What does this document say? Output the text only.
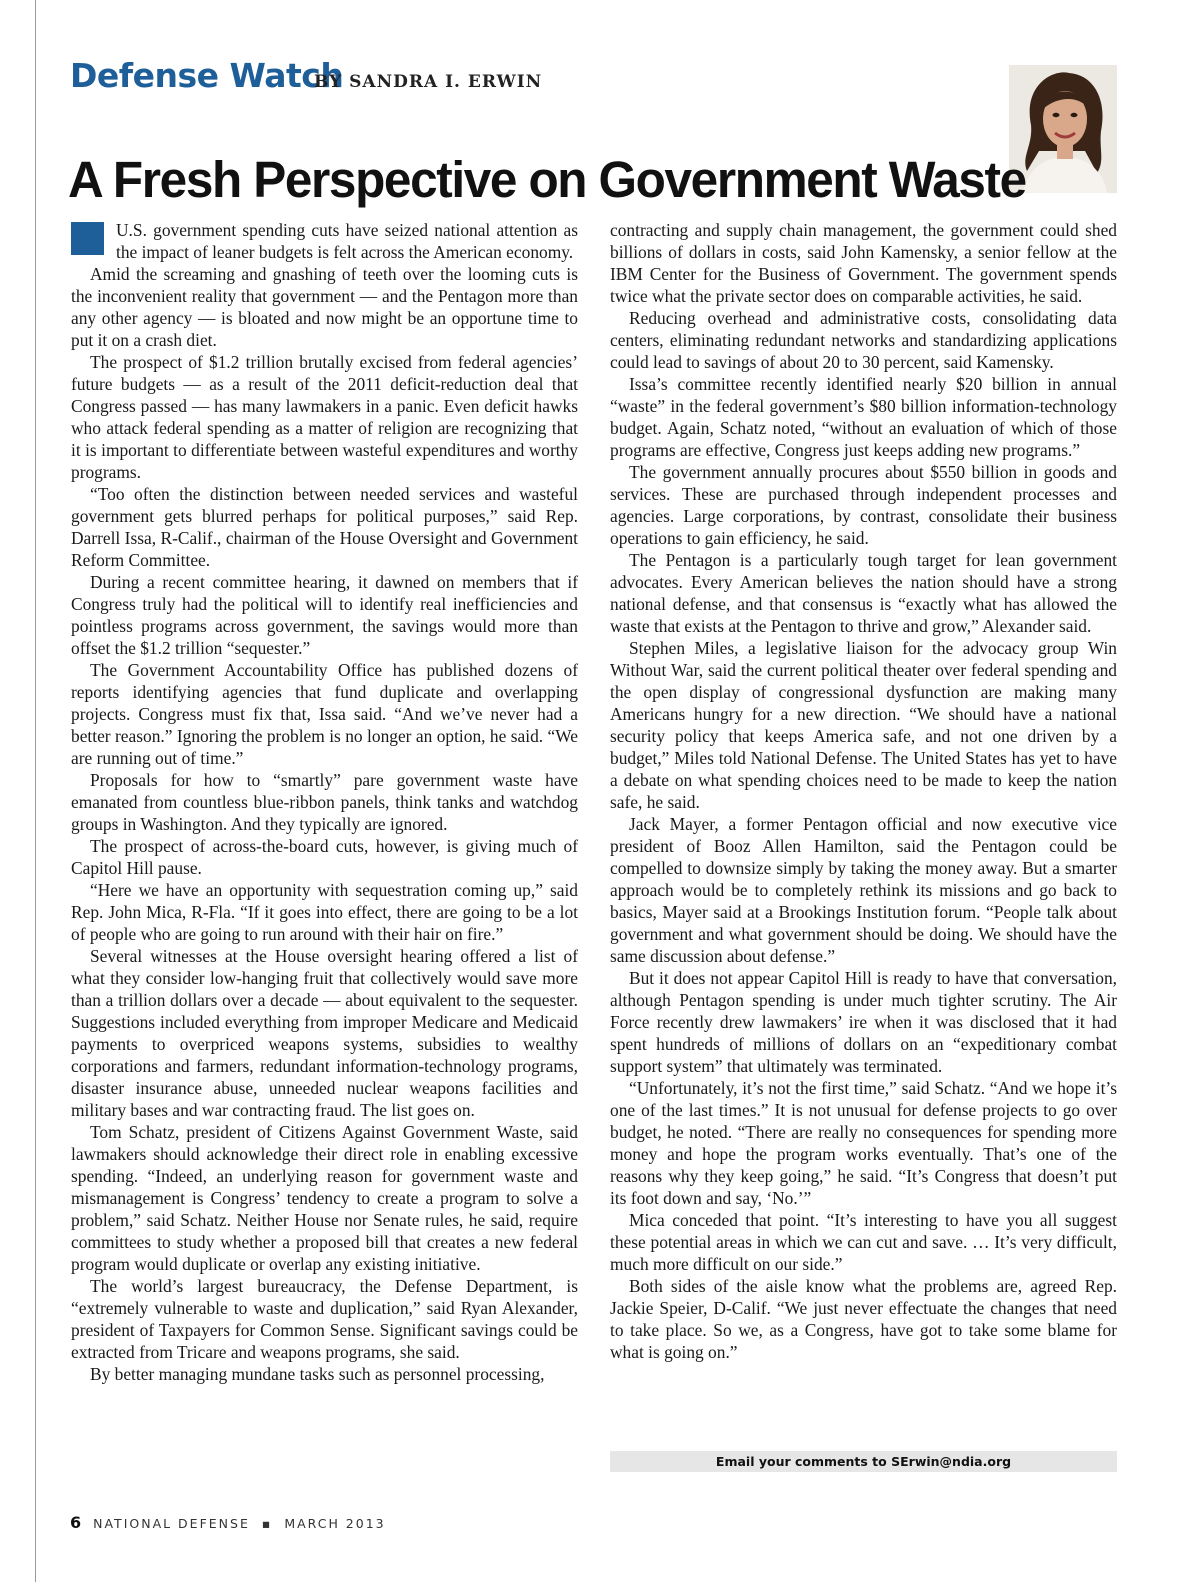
Defense Watch
BY SANDRA I. ERWIN
A Fresh Perspective on Government Waste

U.S. government spending cuts have seized national attention as the impact of leaner budgets is felt across the American economy.

Amid the screaming and gnashing of teeth over the looming cuts is the inconvenient reality that government — and the Pentagon more than any other agency — is bloated and now might be an opportune time to put it on a crash diet.

The prospect of $1.2 trillion brutally excised from federal agencies’ future budgets — as a result of the 2011 deficit-reduction deal that Congress passed — has many lawmakers in a panic. Even deficit hawks who attack federal spending as a matter of religion are recognizing that it is important to differentiate between wasteful expenditures and worthy programs.

“Too often the distinction between needed services and wasteful government gets blurred perhaps for political purposes,” said Rep. Darrell Issa, R-Calif., chairman of the House Oversight and Government Reform Committee.

During a recent committee hearing, it dawned on members that if Congress truly had the political will to identify real inefficiencies and pointless programs across government, the savings would more than offset the $1.2 trillion “sequester.”

The Government Accountability Office has published dozens of reports identifying agencies that fund duplicate and overlapping projects. Congress must fix that, Issa said. “And we’ve never had a better reason.” Ignoring the problem is no longer an option, he said. “We are running out of time.”

Proposals for how to “smartly” pare government waste have emanated from countless blue-ribbon panels, think tanks and watchdog groups in Washington. And they typically are ignored.

The prospect of across-the-board cuts, however, is giving much of Capitol Hill pause.

“Here we have an opportunity with sequestration coming up,” said Rep. John Mica, R-Fla. “If it goes into effect, there are going to be a lot of people who are going to run around with their hair on fire.”

Several witnesses at the House oversight hearing offered a list of what they consider low-hanging fruit that collectively would save more than a trillion dollars over a decade — about equivalent to the sequester. Suggestions included everything from improper Medicare and Medicaid payments to overpriced weapons systems, subsidies to wealthy corporations and farmers, redundant information-technology programs, disaster insurance abuse, unneeded nuclear weapons facilities and military bases and war contracting fraud. The list goes on.

Tom Schatz, president of Citizens Against Government Waste, said lawmakers should acknowledge their direct role in enabling excessive spending. “Indeed, an underlying reason for government waste and mismanagement is Congress’ tendency to create a program to solve a problem,” said Schatz. Neither House nor Senate rules, he said, require committees to study whether a proposed bill that creates a new federal program would duplicate or overlap any existing initiative.

The world’s largest bureaucracy, the Defense Department, is “extremely vulnerable to waste and duplication,” said Ryan Alexander, president of Taxpayers for Common Sense. Significant savings could be extracted from Tricare and weapons programs, she said.

By better managing mundane tasks such as personnel processing,

contracting and supply chain management, the government could shed billions of dollars in costs, said John Kamensky, a senior fellow at the IBM Center for the Business of Government. The government spends twice what the private sector does on comparable activities, he said.

Reducing overhead and administrative costs, consolidating data centers, eliminating redundant networks and standardizing applications could lead to savings of about 20 to 30 percent, said Kamensky.

Issa’s committee recently identified nearly $20 billion in annual “waste” in the federal government’s $80 billion information-technology budget. Again, Schatz noted, “without an evaluation of which of those programs are effective, Congress just keeps adding new programs.”

The government annually procures about $550 billion in goods and services. These are purchased through independent processes and agencies. Large corporations, by contrast, consolidate their business operations to gain efficiency, he said.

The Pentagon is a particularly tough target for lean government advocates. Every American believes the nation should have a strong national defense, and that consensus is “exactly what has allowed the waste that exists at the Pentagon to thrive and grow,” Alexander said.

Stephen Miles, a legislative liaison for the advocacy group Win Without War, said the current political theater over federal spending and the open display of congressional dysfunction are making many Americans hungry for a new direction. “We should have a national security policy that keeps America safe, and not one driven by a budget,” Miles told National Defense. The United States has yet to have a debate on what spending choices need to be made to keep the nation safe, he said.

Jack Mayer, a former Pentagon official and now executive vice president of Booz Allen Hamilton, said the Pentagon could be compelled to downsize simply by taking the money away. But a smarter approach would be to completely rethink its missions and go back to basics, Mayer said at a Brookings Institution forum. “People talk about government and what government should be doing. We should have the same discussion about defense.”

But it does not appear Capitol Hill is ready to have that conversation, although Pentagon spending is under much tighter scrutiny. The Air Force recently drew lawmakers’ ire when it was disclosed that it had spent hundreds of millions of dollars on an “expeditionary combat support system” that ultimately was terminated.

“Unfortunately, it’s not the first time,” said Schatz. “And we hope it’s one of the last times.” It is not unusual for defense projects to go over budget, he noted. “There are really no consequences for spending more money and hope the program works eventually. That’s one of the reasons why they keep going,” he said. “It’s Congress that doesn’t put its foot down and say, ‘No.’”

Mica conceded that point. “It’s interesting to have you all suggest these potential areas in which we can cut and save. … It’s very difficult, much more difficult on our side.”

Both sides of the aisle know what the problems are, agreed Rep. Jackie Speier, D-Calif. “We just never effectuate the changes that need to take place. So we, as a Congress, have got to take some blame for what is going on.”

Email your comments to SErwin@ndia.org
6 NATIONAL DEFENSE ▪ MARCH 2013
